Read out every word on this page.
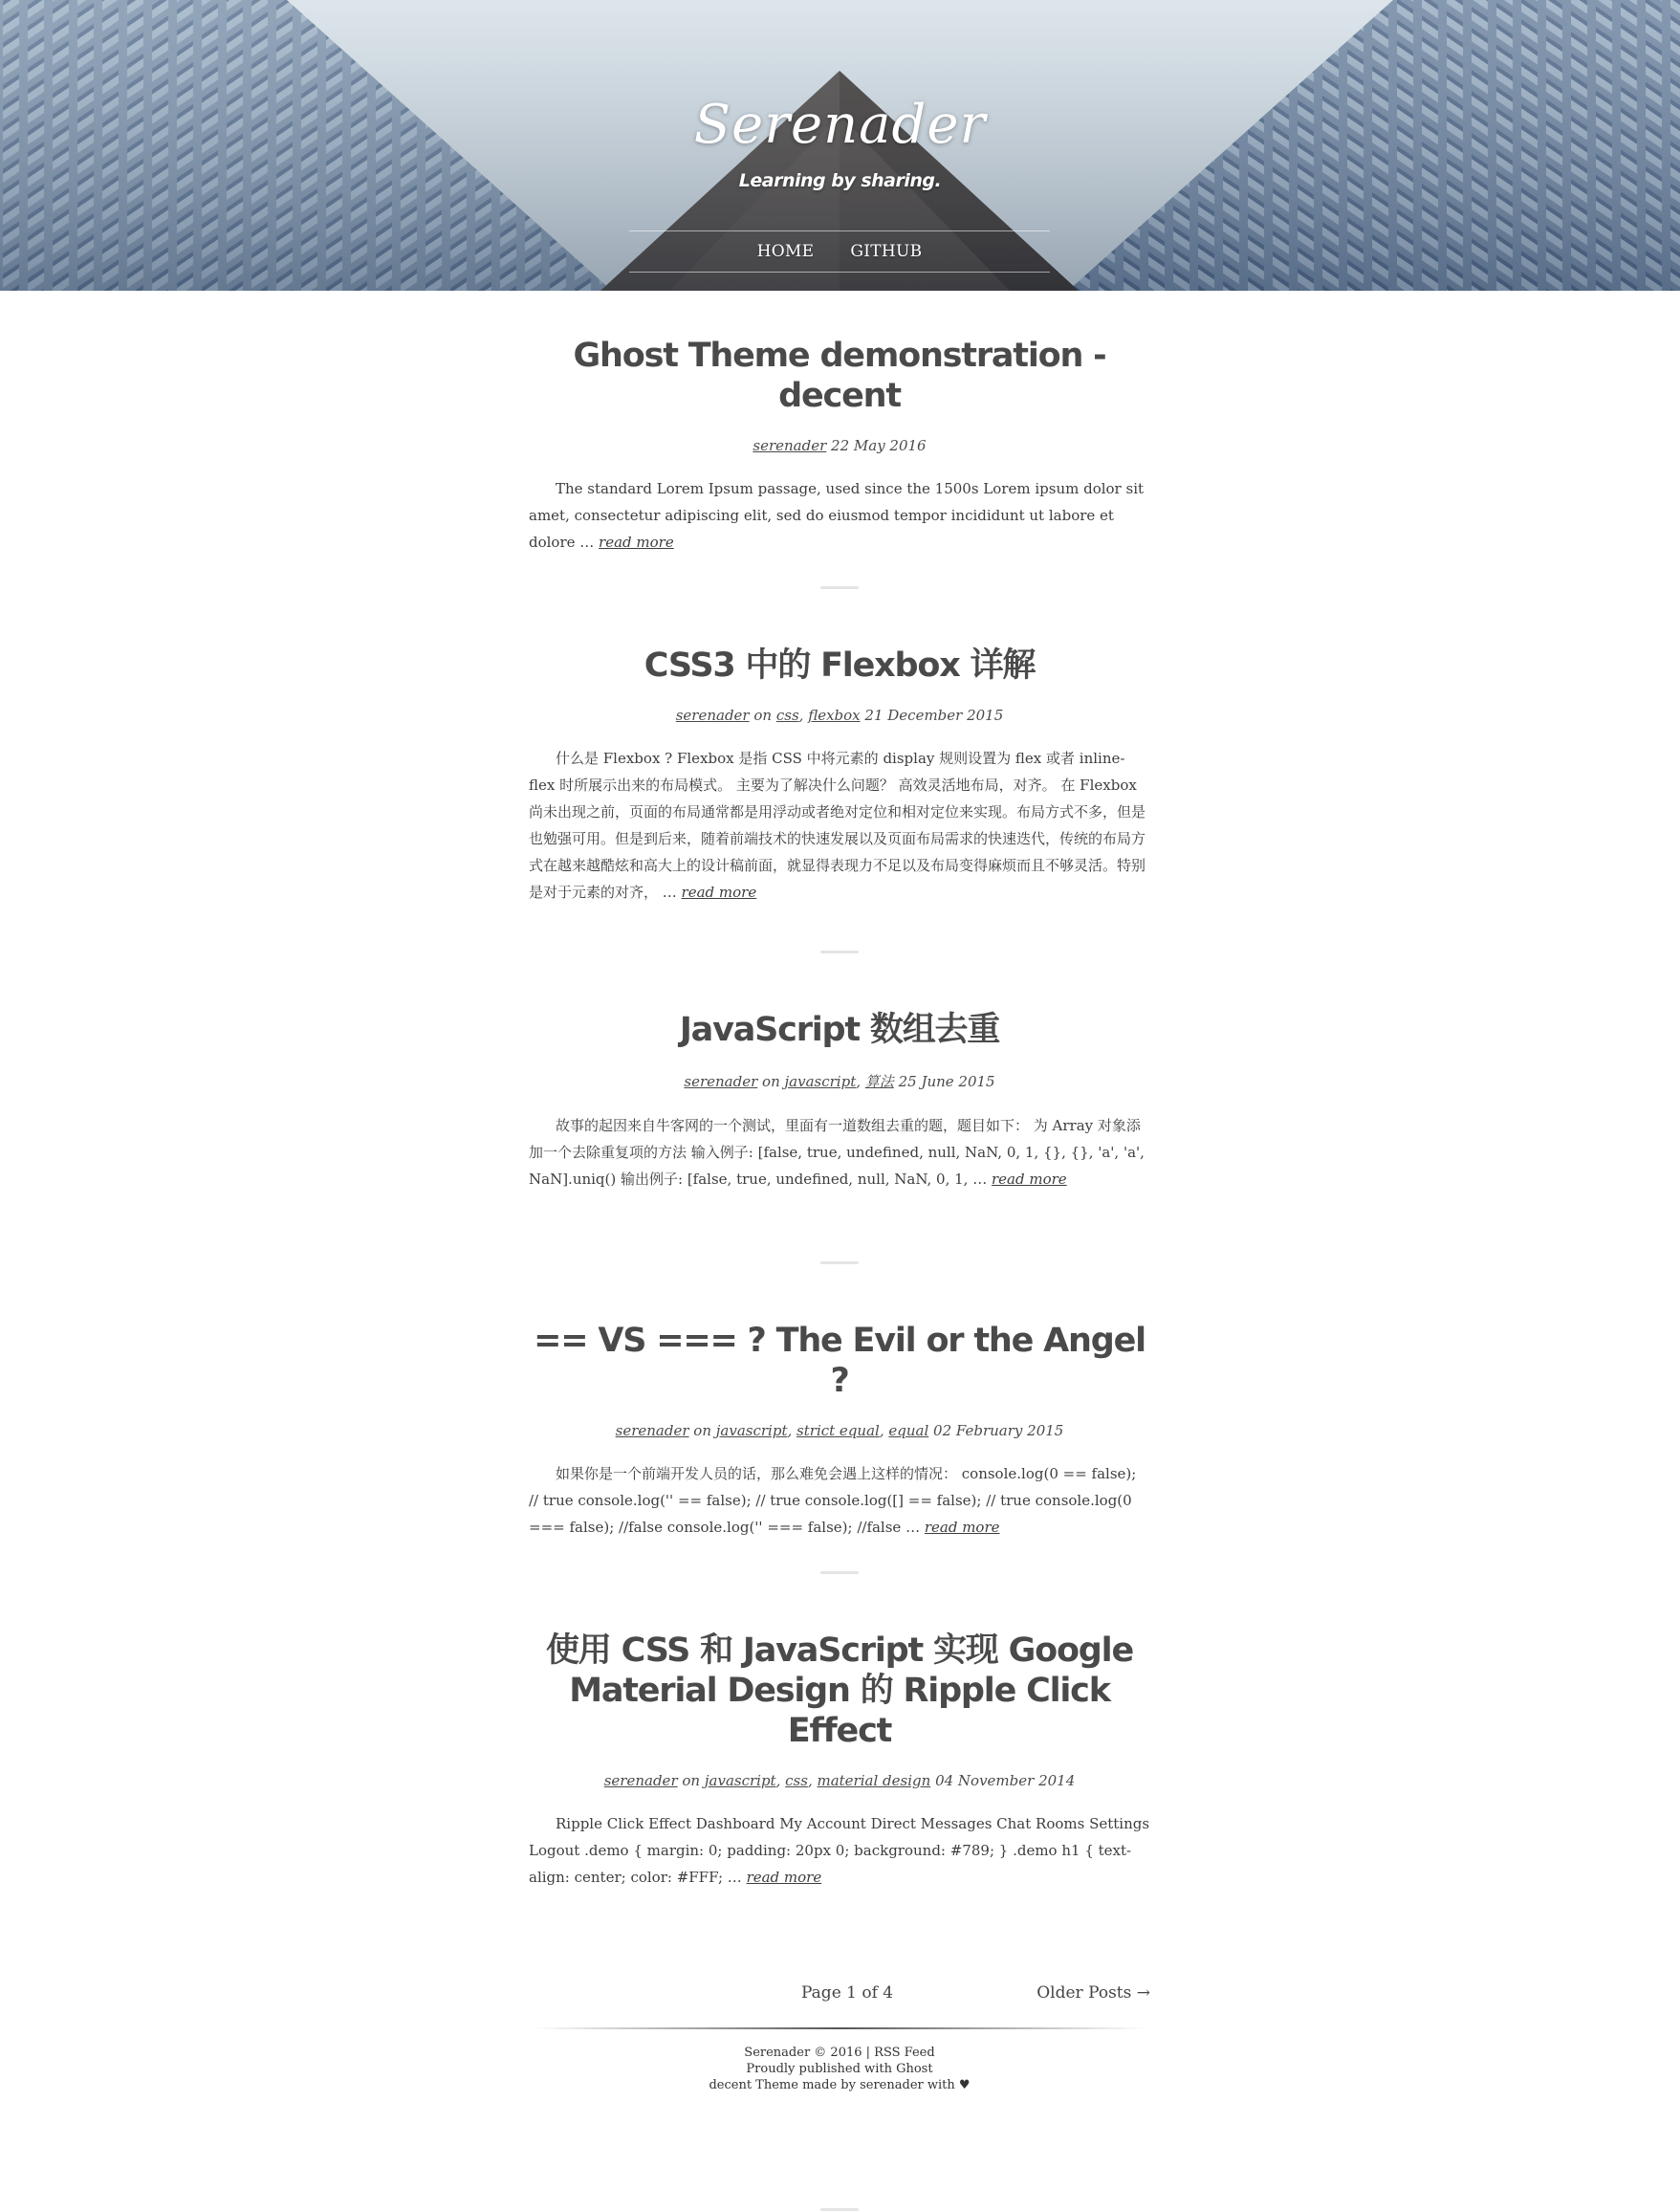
Serenader
Learning by sharing.
HOME GITHUB
Ghost Theme demonstration - decent
serenader 22 May 2016

The standard Lorem Ipsum passage, used since the 1500s Lorem ipsum dolor sit amet, consectetur adipiscing elit, sed do eiusmod tempor incididunt ut labore et dolore … read more

CSS3 中的 Flexbox 详解
serenader on css, flexbox 21 December 2015

什么是 Flexbox ? Flexbox 是指 CSS 中将元素的 display 规则设置为 flex 或者 inline-flex 时所展示出来的布局模式。 主要为了解决什么问题？ 高效灵活地布局，对齐。 在 Flexbox 尚未出现之前，页面的布局通常都是用浮动或者绝对定位和相对定位来实现。布局方式不多，但是也勉强可用。但是到后来，随着前端技术的快速发展以及页面布局需求的快速迭代，传统的布局方式在越来越酷炫和高大上的设计稿前面，就显得表现力不足以及布局变得麻烦而且不够灵活。特别是对于元素的对齐， … read more

JavaScript 数组去重
serenader on javascript, 算法 25 June 2015

故事的起因来自牛客网的一个测试，里面有一道数组去重的题，题目如下： 为 Array 对象添加一个去除重复项的方法 输入例子: [false, true, undefined, null, NaN, 0, 1, {}, {}, 'a', 'a', NaN].uniq() 输出例子: [false, true, undefined, null, NaN, 0, 1, … read more

== VS === ? The Evil or the Angel ?
serenader on javascript, strict equal, equal 02 February 2015

如果你是一个前端开发人员的话，那么难免会遇上这样的情况： console.log(0 == false); // true console.log('' == false); // true console.log([] == false); // true console.log(0 === false); //false console.log('' === false); //false … read more

使用 CSS 和 JavaScript 实现 Google Material Design 的 Ripple Click Effect
serenader on javascript, css, material design 04 November 2014

Ripple Click Effect Dashboard My Account Direct Messages Chat Rooms Settings Logout .demo { margin: 0; padding: 20px 0; background: #789; } .demo h1 { text-align: center; color: #FFF; … read more

Page 1 of 4	Older Posts →
Serenader © 2016 | RSS Feed
Proudly published with Ghost
decent Theme made by serenader with ♥
